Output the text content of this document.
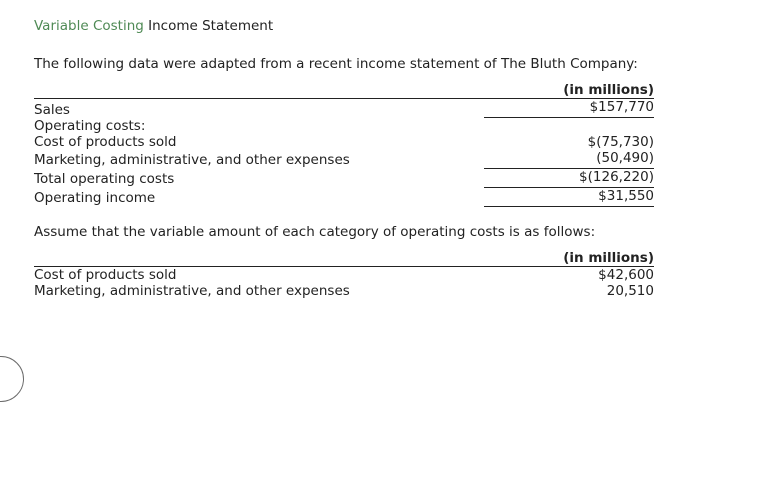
Variable Costing Income Statement
The following data were adapted from a recent income statement of The Bluth Company:
	(in millions)
Sales	$157,770
Operating costs:	
Cost of products sold	$(75,730)
Marketing, administrative, and other expenses	(50,490)
Total operating costs	$(126,220)
Operating income	$31,550
Assume that the variable amount of each category of operating costs is as follows:
	(in millions)
Cost of products sold	$42,600
Marketing, administrative, and other expenses	20,510
